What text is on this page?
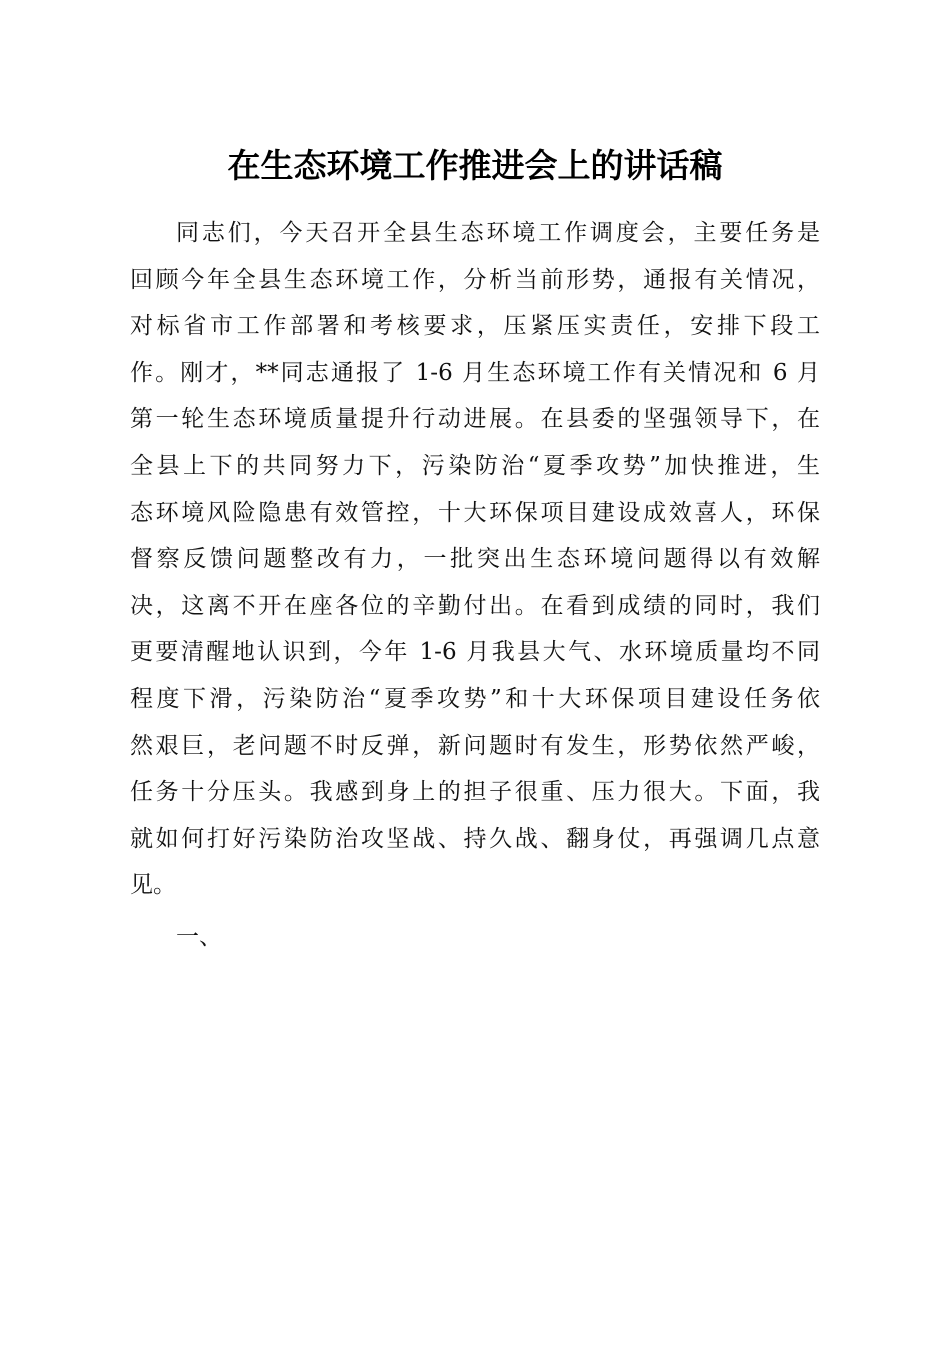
在生态环境工作推进会上的讲话稿
同志们，今天召开全县生态环境工作调度会，主要任务是
回顾今年全县生态环境工作，分析当前形势，通报有关情况，
对标省市工作部署和考核要求，压紧压实责任，安排下段工
作。刚才，**同志通报了 1-6 月生态环境工作有关情况和 6 月
第一轮生态环境质量提升行动进展。在县委的坚强领导下，在
全县上下的共同努力下，污染防治“夏季攻势”加快推进，生
态环境风险隐患有效管控，十大环保项目建设成效喜人，环保
督察反馈问题整改有力，一批突出生态环境问题得以有效解
决，这离不开在座各位的辛勤付出。在看到成绩的同时，我们
更要清醒地认识到，今年 1-6 月我县大气、水环境质量均不同
程度下滑，污染防治“夏季攻势”和十大环保项目建设任务依
然艰巨，老问题不时反弹，新问题时有发生，形势依然严峻，
任务十分压头。我感到身上的担子很重、压力很大。下面，我
就如何打好污染防治攻坚战、持久战、翻身仗，再强调几点意
见。
一、
